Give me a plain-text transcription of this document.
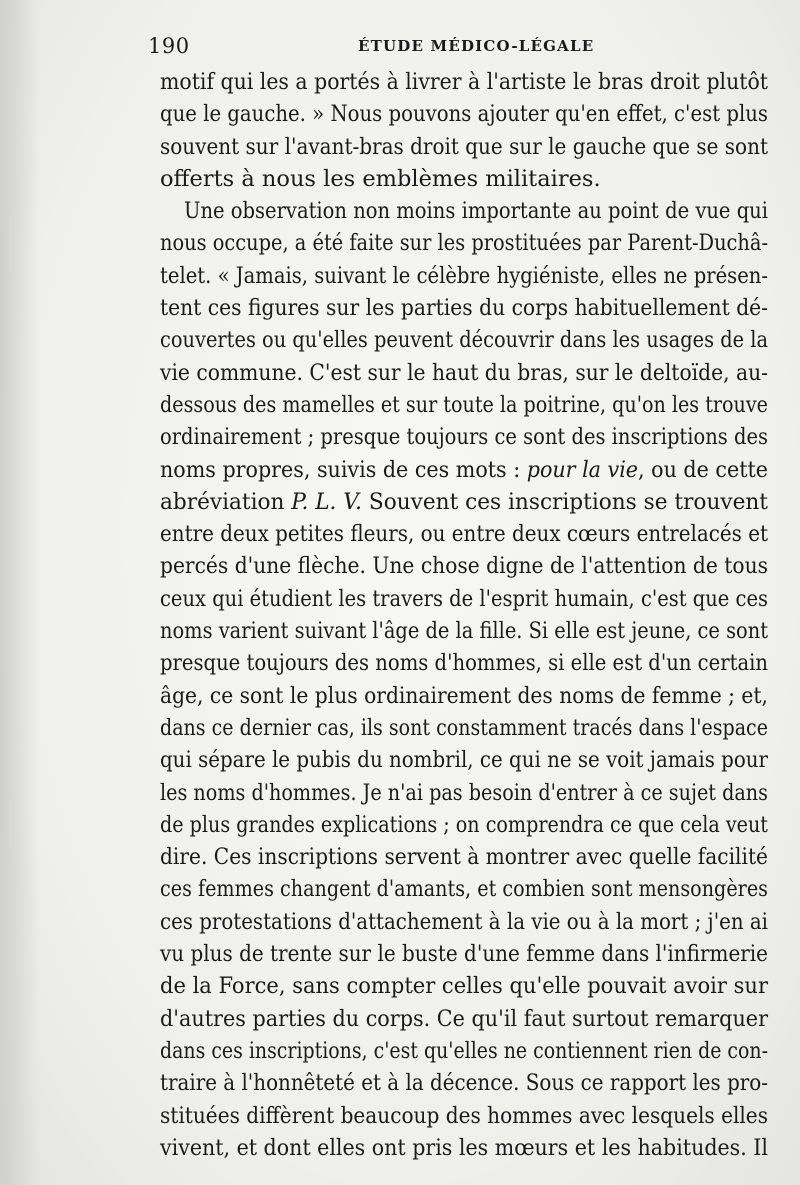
190	ÉTUDE MÉDICO-LÉGALE
motif qui les a portés à livrer à l'artiste le bras droit plutôt
que le gauche. » Nous pouvons ajouter qu'en effet, c'est plus
souvent sur l'avant-bras droit que sur le gauche que se sont
offerts à nous les emblèmes militaires.
Une observation non moins importante au point de vue qui
nous occupe, a été faite sur les prostituées par Parent-Duchâ-
telet. « Jamais, suivant le célèbre hygiéniste, elles ne présen-
tent ces figures sur les parties du corps habituellement dé-
couvertes ou qu'elles peuvent découvrir dans les usages de la
vie commune. C'est sur le haut du bras, sur le deltoïde, au-
dessous des mamelles et sur toute la poitrine, qu'on les trouve
ordinairement ; presque toujours ce sont des inscriptions des
noms propres, suivis de ces mots : pour la vie, ou de cette
abréviation P. L. V. Souvent ces inscriptions se trouvent
entre deux petites fleurs, ou entre deux cœurs entrelacés et
percés d'une flèche. Une chose digne de l'attention de tous
ceux qui étudient les travers de l'esprit humain, c'est que ces
noms varient suivant l'âge de la fille. Si elle est jeune, ce sont
presque toujours des noms d'hommes, si elle est d'un certain
âge, ce sont le plus ordinairement des noms de femme ; et,
dans ce dernier cas, ils sont constamment tracés dans l'espace
qui sépare le pubis du nombril, ce qui ne se voit jamais pour
les noms d'hommes. Je n'ai pas besoin d'entrer à ce sujet dans
de plus grandes explications ; on comprendra ce que cela veut
dire. Ces inscriptions servent à montrer avec quelle facilité
ces femmes changent d'amants, et combien sont mensongères
ces protestations d'attachement à la vie ou à la mort ; j'en ai
vu plus de trente sur le buste d'une femme dans l'infirmerie
de la Force, sans compter celles qu'elle pouvait avoir sur
d'autres parties du corps. Ce qu'il faut surtout remarquer
dans ces inscriptions, c'est qu'elles ne contiennent rien de con-
traire à l'honnêteté et à la décence. Sous ce rapport les pro-
stituées diffèrent beaucoup des hommes avec lesquels elles
vivent, et dont elles ont pris les mœurs et les habitudes. Il
